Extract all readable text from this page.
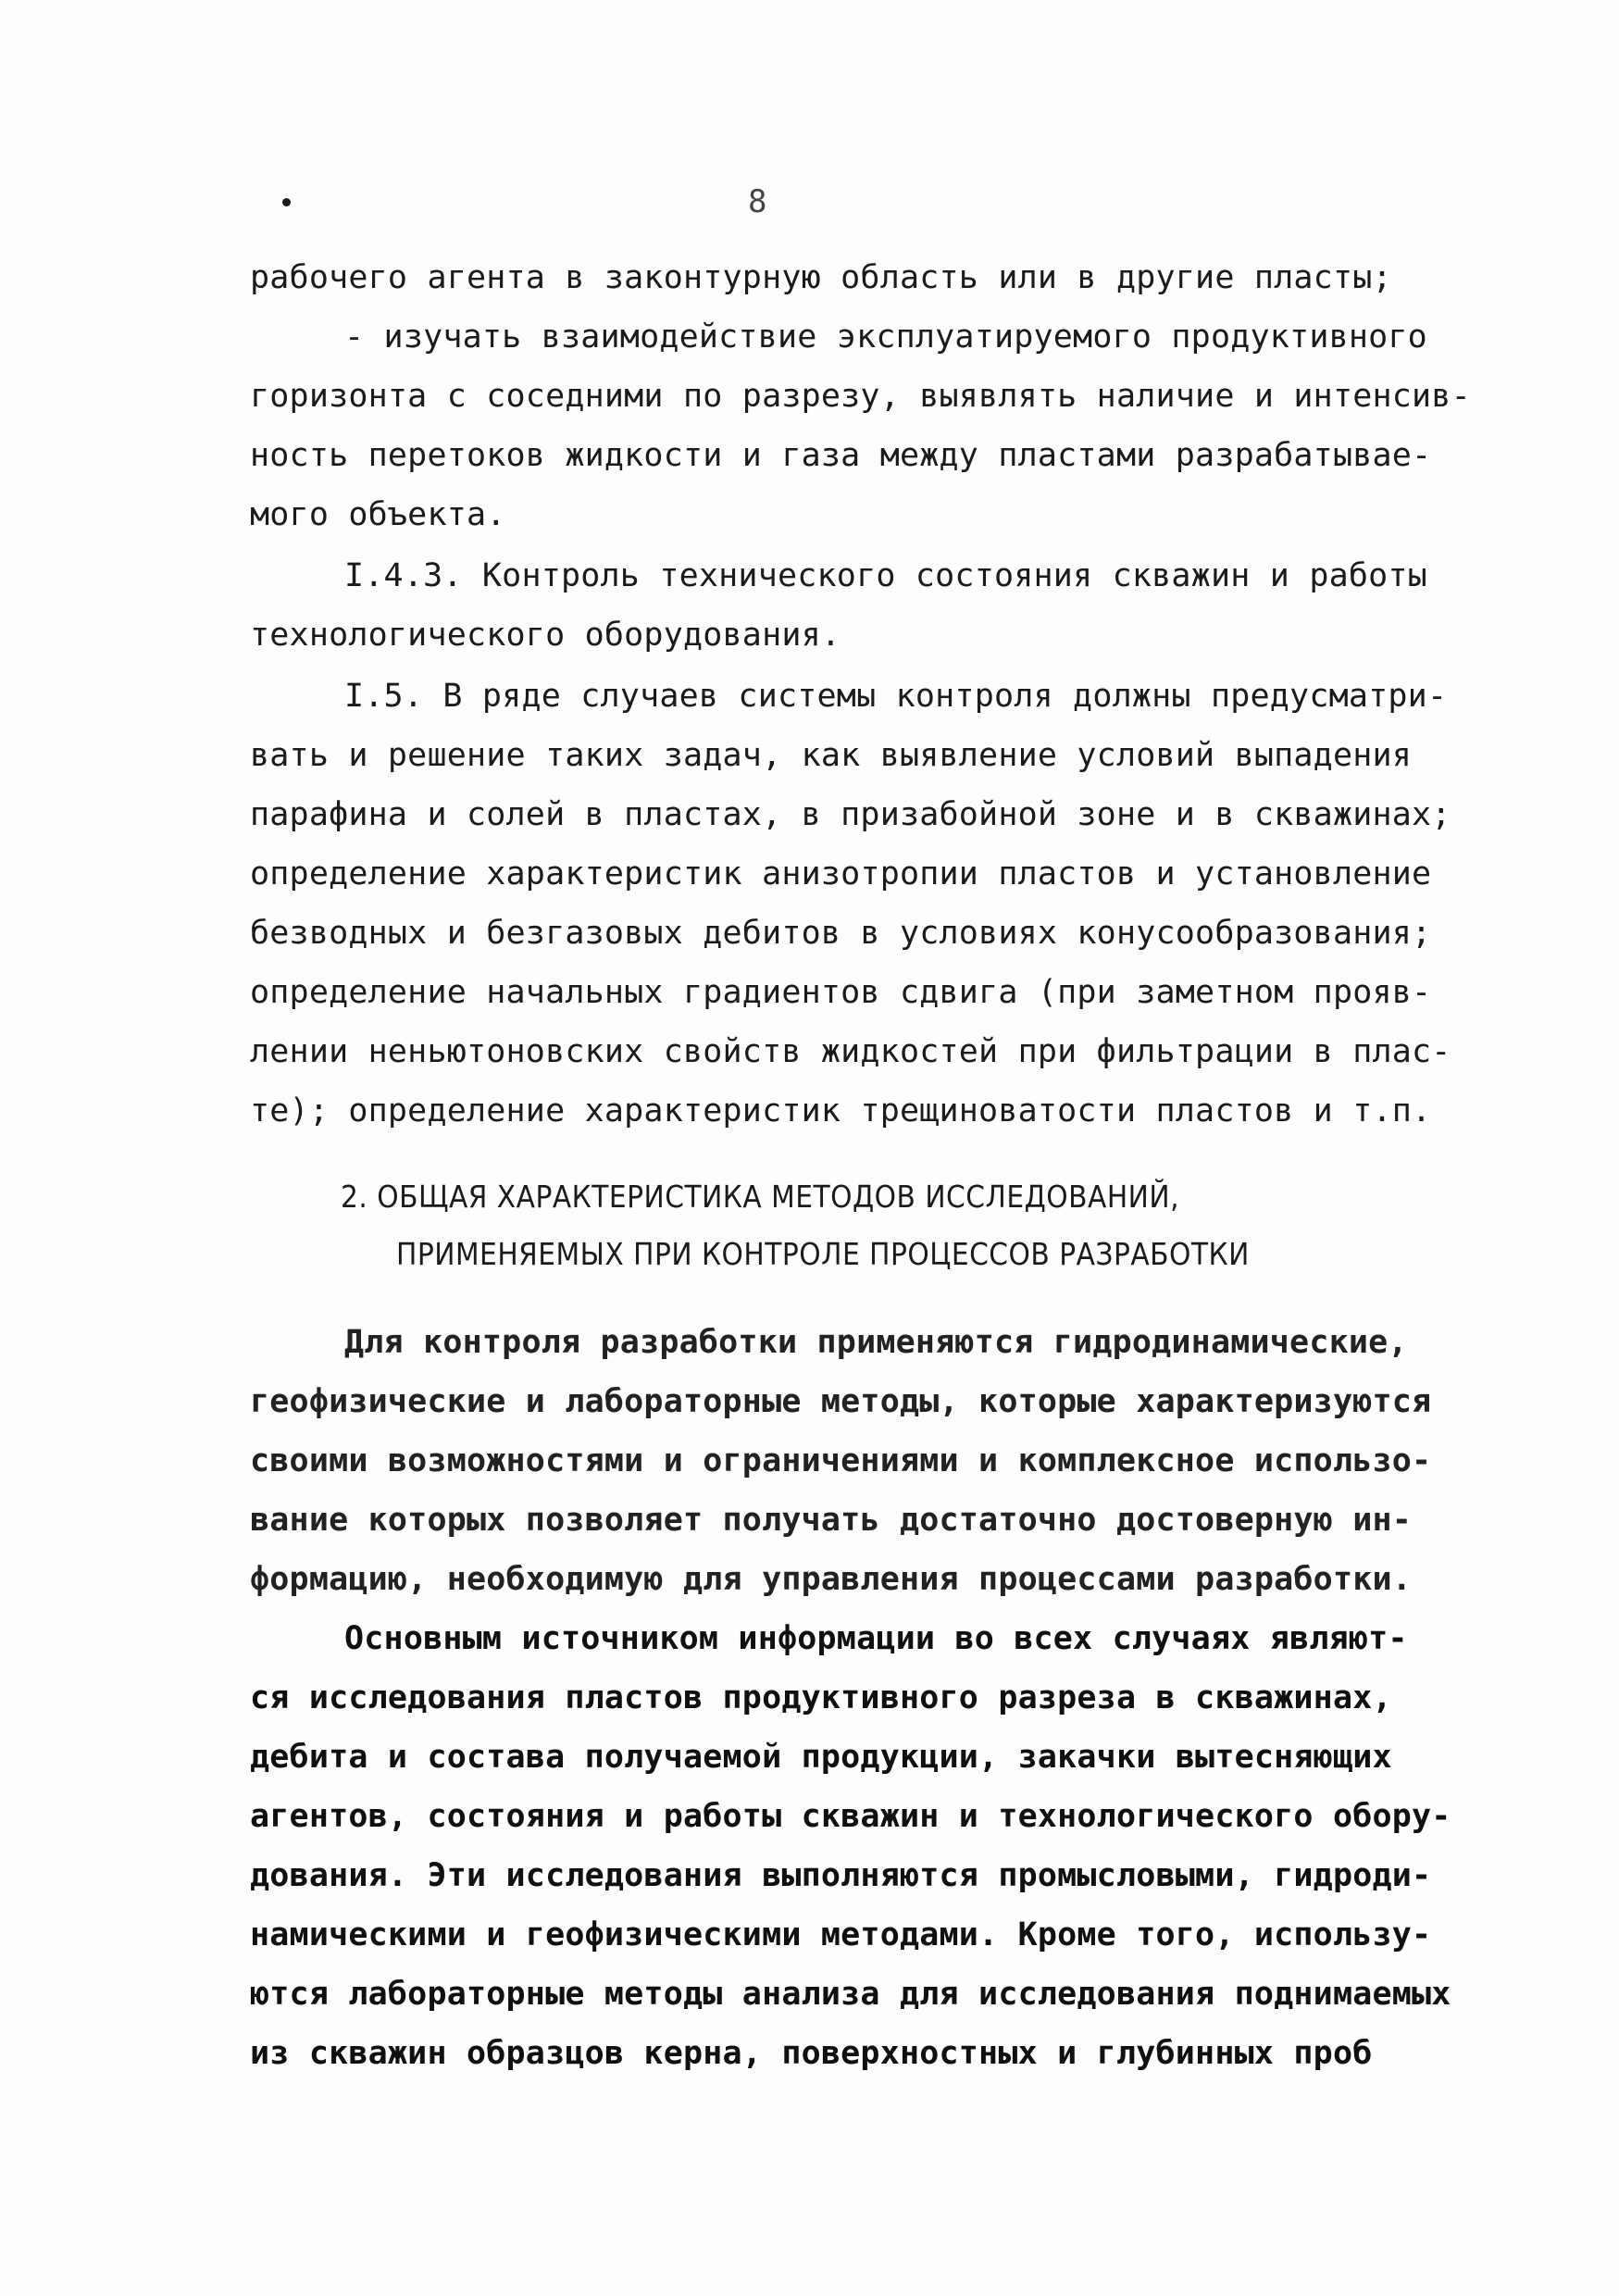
8
рабочего агента в законтурную область или в другие пласты;
- изучать взаимодействие эксплуатируемого продуктивного
горизонта с соседними по разрезу, выявлять наличие и интенсив-
ность перетоков жидкости и газа между пластами разрабатывае-
мого объекта.
I.4.3. Контроль технического состояния скважин и работы
технологического оборудования.
I.5. В ряде случаев системы контроля должны предусматри-
вать и решение таких задач, как выявление условий выпадения
парафина и солей в пластах, в призабойной зоне и в скважинах;
определение характеристик анизотропии пластов и установление
безводных и безгазовых дебитов в условиях конусообразования;
определение начальных градиентов сдвига (при заметном прояв-
лении неньютоновских свойств жидкостей при фильтрации в плас-
те); определение характеристик трещиноватости пластов и т.п.
2. ОБЩАЯ ХАРАКТЕРИСТИКА МЕТОДОВ ИССЛЕДОВАНИЙ,
ПРИМЕНЯЕМЫХ ПРИ КОНТРОЛЕ ПРОЦЕССОВ РАЗРАБОТКИ
Для контроля разработки применяются гидродинамические,
геофизические и лабораторные методы, которые характеризуются
своими возможностями и ограничениями и комплексное использо-
вание которых позволяет получать достаточно достоверную ин-
формацию, необходимую для управления процессами разработки.
Основным источником информации во всех случаях являют-
ся исследования пластов продуктивного разреза в скважинах,
дебита и состава получаемой продукции, закачки вытесняющих
агентов, состояния и работы скважин и технологического обору-
дования. Эти исследования выполняются промысловыми, гидроди-
намическими и геофизическими методами. Кроме того, использу-
ются лабораторные методы анализа для исследования поднимаемых
из скважин образцов керна, поверхностных и глубинных проб
